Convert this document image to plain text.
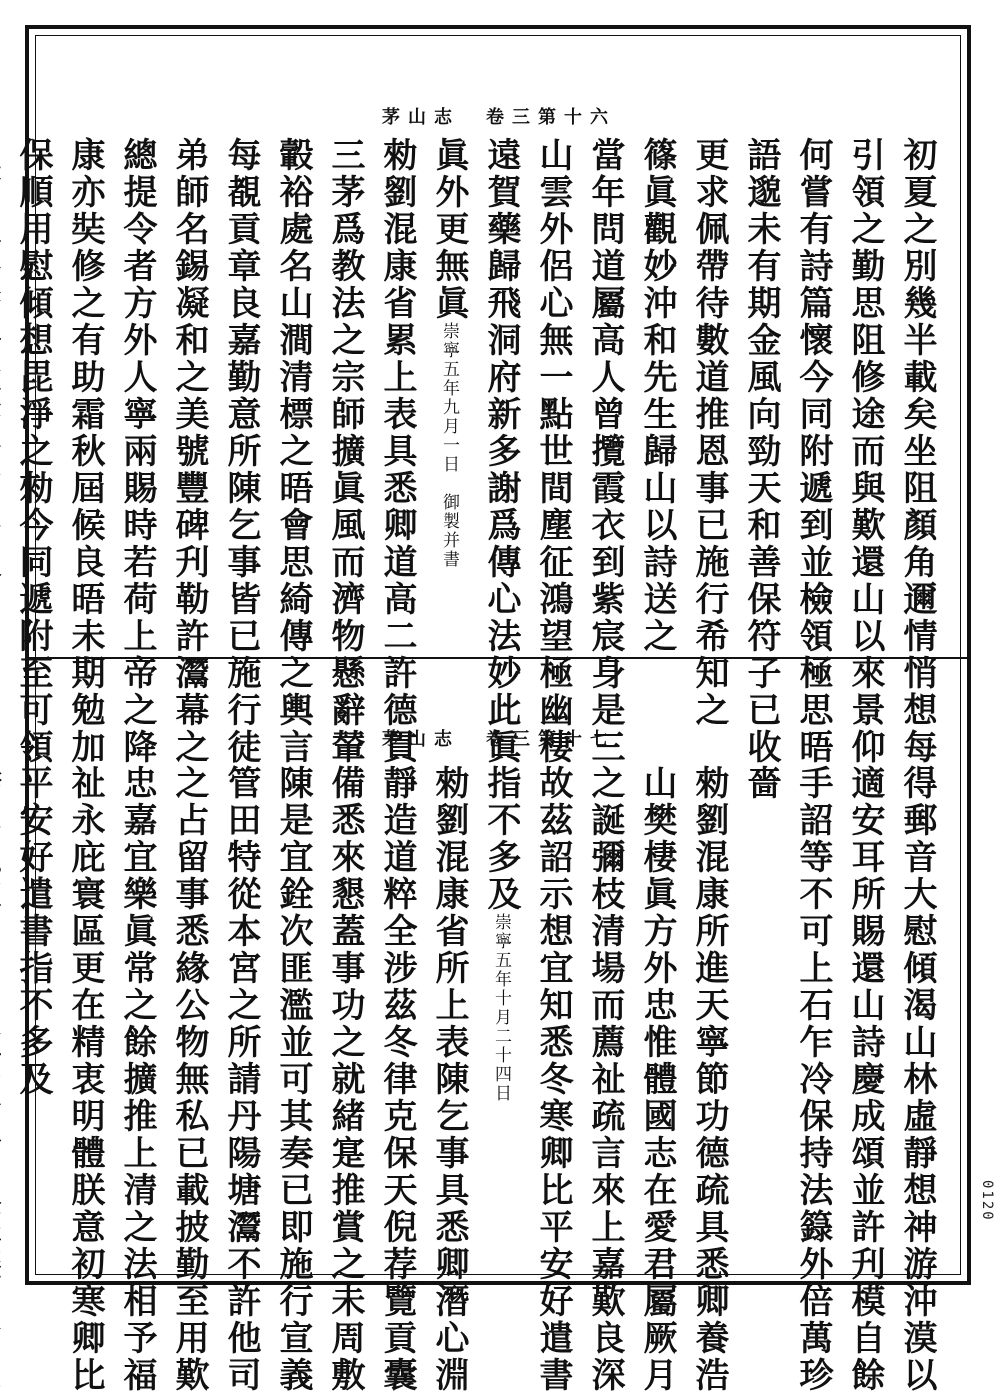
茅山志　卷三第十六
初夏之別幾半載矣坐阻顏角邇情悄想每
引領之勤思阻修途而與歎還山以來景仰
何嘗有詩篇懷今同附遞到並檢領極思晤
語邈未有期金風向勁天和善保符子已收
更求佩帶待數道推恩事已施行希知之
篠眞觀妙沖和先生歸山以詩送之
當年問道屬高人曾攬霞衣到紫宸身是三
山雲外侶心無一點世間塵征鴻望極幽棲
遠賀藥歸飛洞府新多謝爲傳心法妙此眞
眞外更無眞崇寧五年九月一日　御製并書
勑劉混康省累上表具悉卿道高二許德貫
三茅爲教法之宗師擴眞風而濟物懸辭輦
轂裕處名山澗清標之晤會思綺傳之輿言
每覩貢章良嘉勤意所陳乞事皆已施行徒
弟師名錫凝和之美號豐碑刋勒許灊幕之
總提令者方外人寧兩賜時若荷上帝之降
康亦奘修之有助霜秋屆候良晤未期勉加
保順用慰傾想毘淨之勑今同遞附至可領	茅山志　卷三第十七
得郵音大慰傾渴山林虛靜想神游沖漠以
適安耳所賜還山詩慶成頌並許刋模自餘
手詔等不可上石乍冷保持法籙外倍萬珍
嗇
勑劉混康所進天寧節功德疏具悉卿養浩
山樊棲眞方外忠惟體國志在愛君屬厥月
之誕彌枝清場而薦祉疏言來上嘉歎良深
故茲詔示想宜知悉冬寒卿比平安好遣書
指不多及崇寧五年十月二十四日
勑劉混康省所上表陳乞事具悉卿潛心淵
靜造道粹全涉茲冬律克保天倪荐覽貢囊
備悉來懇蓋事功之就緒寔推賞之未周敷
陳是宜銓次匪濫並可其奏已即施行宣義
管田特從本宮之所請丹陽塘灊不許他司
之占留事悉緣公物無私已載披勤至用歎
忠嘉宜樂眞常之餘擴推上清之法相予福
祉永庇寰區更在精衷明體朕意初寒卿比
平安好遣書指不多及
0120
